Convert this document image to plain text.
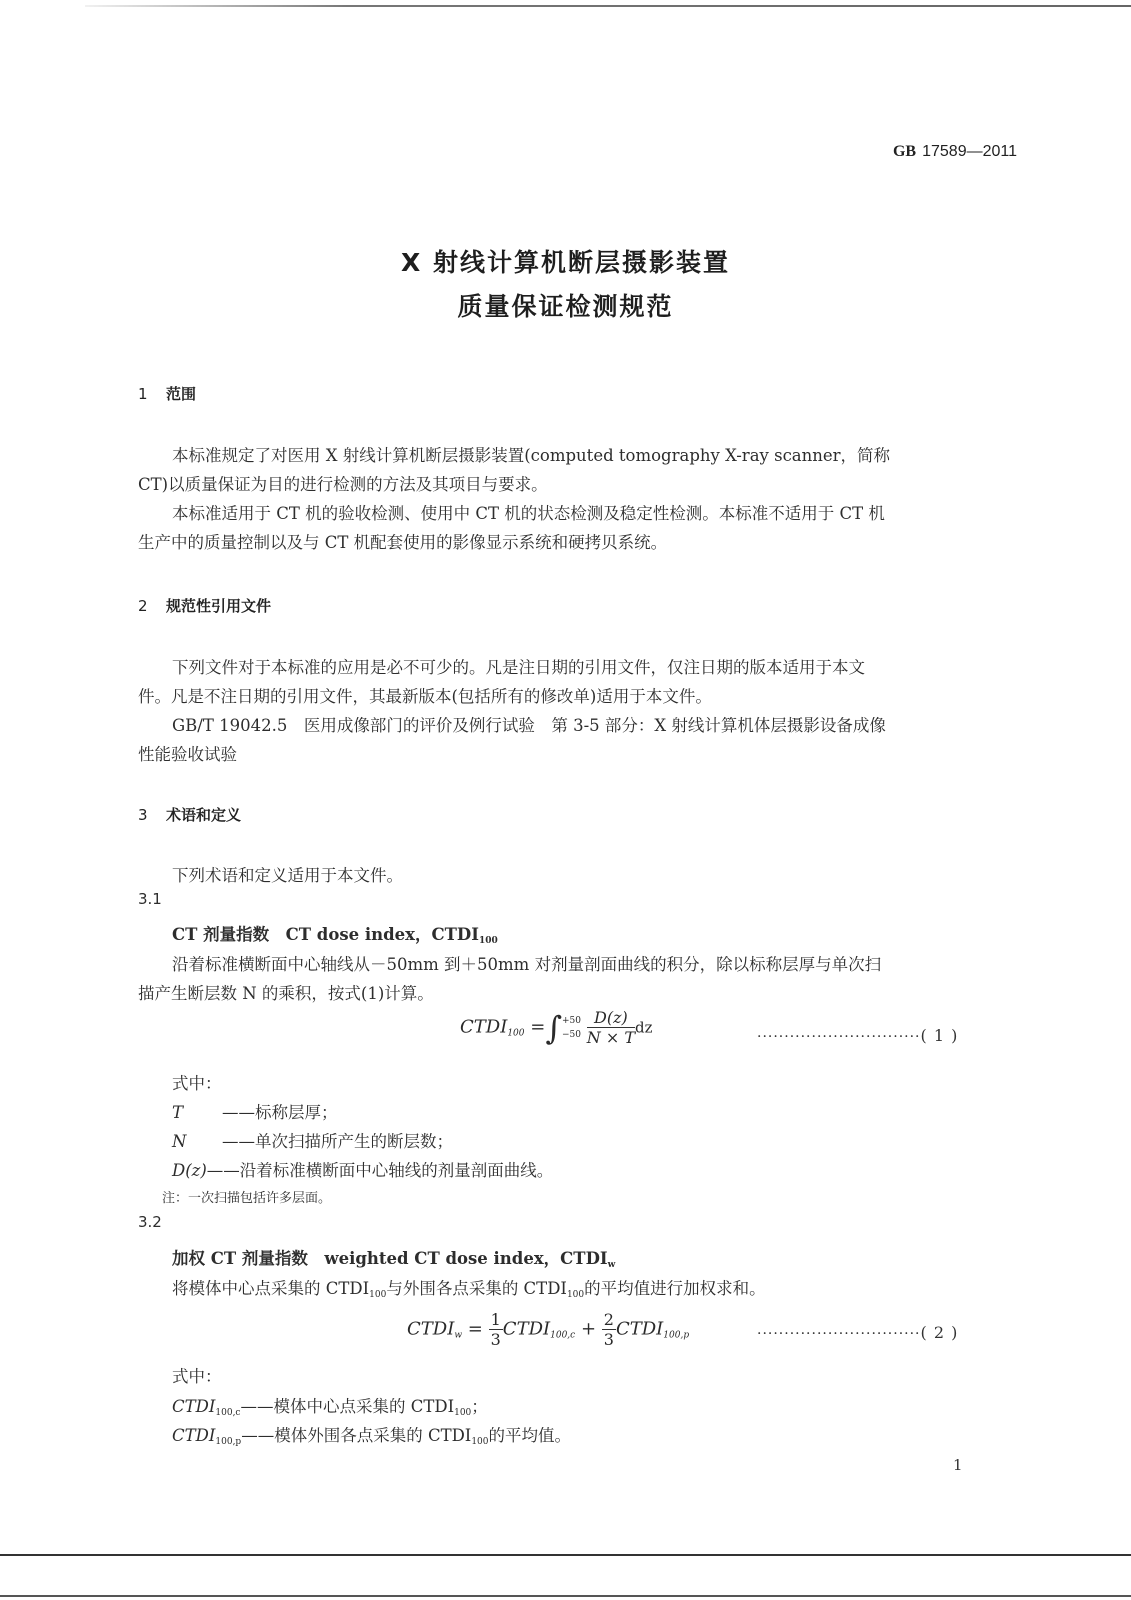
GB 17589—2011
X 射线计算机断层摄影装置
质量保证检测规范
1 范围
本标准规定了对医用 X 射线计算机断层摄影装置(computed tomography X-ray scanner，简称
CT)以质量保证为目的进行检测的方法及其项目与要求。
本标准适用于 CT 机的验收检测、使用中 CT 机的状态检测及稳定性检测。本标准不适用于 CT 机
生产中的质量控制以及与 CT 机配套使用的影像显示系统和硬拷贝系统。
2 规范性引用文件
下列文件对于本标准的应用是必不可少的。凡是注日期的引用文件，仅注日期的版本适用于本文
件。凡是不注日期的引用文件，其最新版本(包括所有的修改单)适用于本文件。
GB/T 19042.5　医用成像部门的评价及例行试验　第 3-5 部分：X 射线计算机体层摄影设备成像
性能验收试验
3 术语和定义
下列术语和定义适用于本文件。
3.1
CT 剂量指数  CT dose index，$CTDI_{100}$
沿着标准横断面中心轴线从－50mm 到＋50mm 对剂量剖面曲线的积分，除以标称层厚与单次扫
描产生断层数 N 的乘积，按式(1)计算。
$CTDI_{100}$ =∫ +50
−50
$\frac{D(z)}{N \times T}$ dz
······························( 1 )
式中：
T ——标称层厚；
N ——单次扫描所产生的断层数；
D(z)——沿着标准横断面中心轴线的剂量剖面曲线。
注：一次扫描包括许多层面。
3.2
加权 CT 剂量指数  weighted CT dose index，$CTDI_w$
将模体中心点采集的 $CTDI_{100}$与外围各点采集的 $CTDI_{100}$的平均值进行加权求和。
$CTDI_w = \frac{1}{3}$ $CTDI_{100,c} + \frac{2}{3}$ $CTDI_{100,p}$	······························( 2 )
式中：
$CTDI_{100,c}——$模体中心点采集的 $CTDI_{100}$；
$CTDI_{100,p}——$模体外围各点采集的 $CTDI_{100}$的平均值。
1
